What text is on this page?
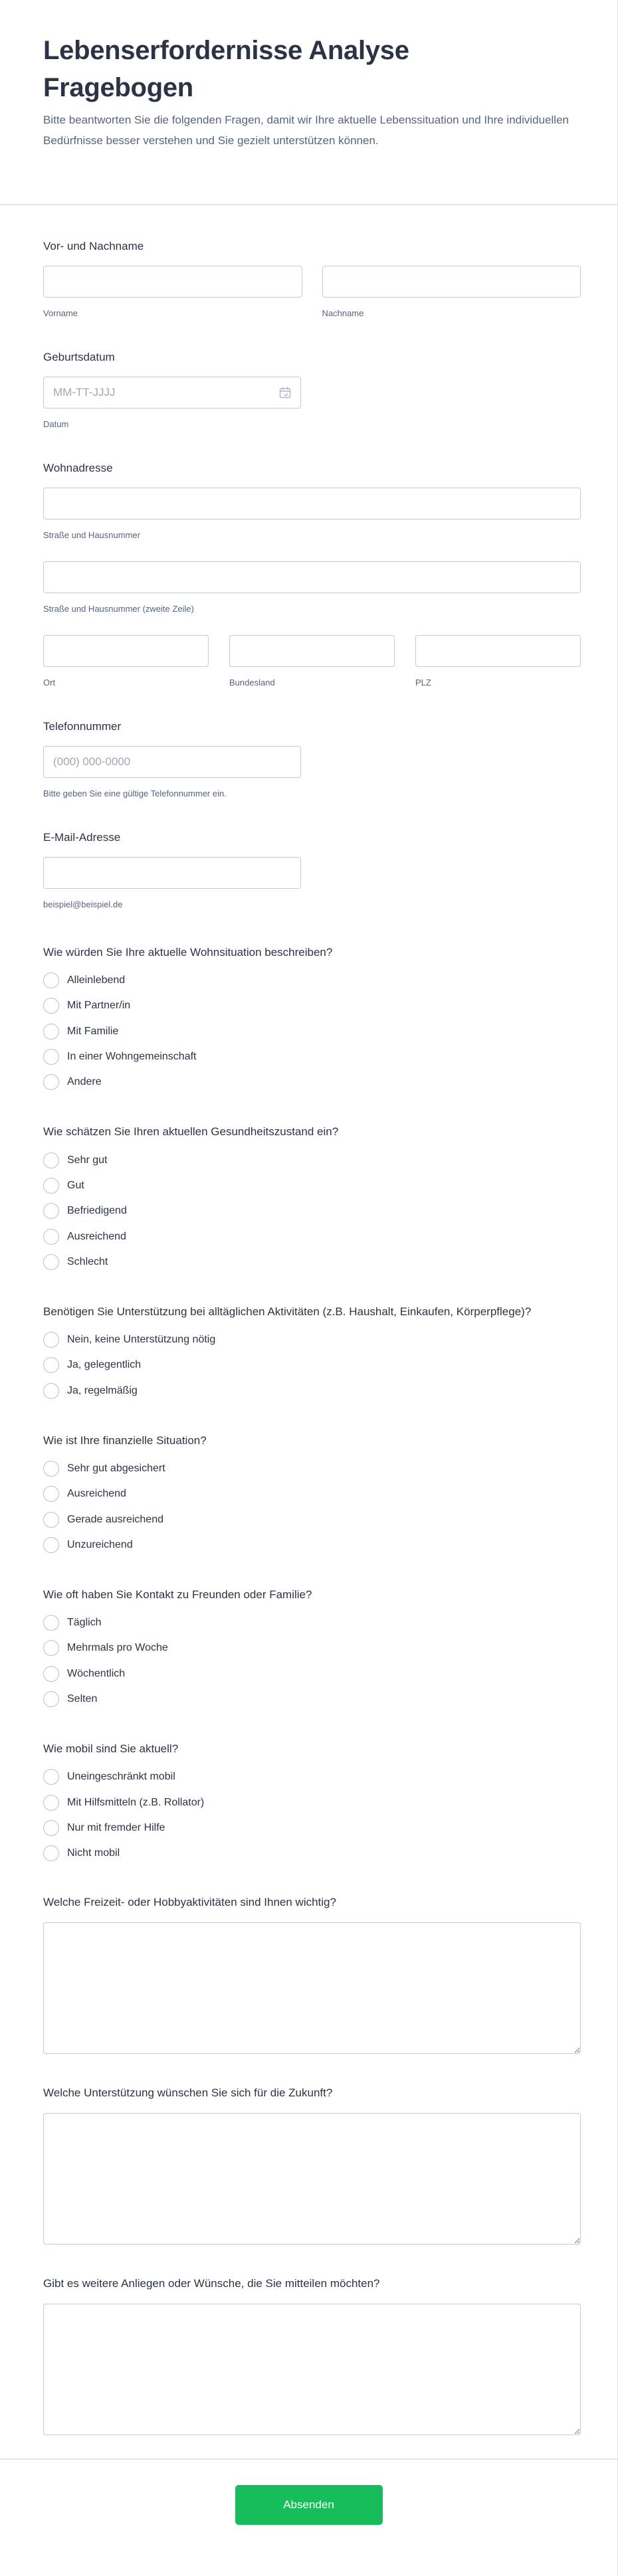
Lebenserfordernisse Analyse Fragebogen

Bitte beantworten Sie die folgenden Fragen, damit wir Ihre aktuelle Lebenssituation und Ihre individuellen Bedürfnisse besser verstehen und Sie gezielt unterstützen können.

Vor- und Nachname
Vorname	Nachname
Geburtsdatum
MM-TT-JJJJ
Datum
Wohnadresse
Straße und Hausnummer
Straße und Hausnummer (zweite Zeile)
Ort	Bundesland	PLZ
Telefonnummer
(000) 000-0000
Bitte geben Sie eine gültige Telefonnummer ein.
E-Mail-Adresse
beispiel@beispiel.de
Wie würden Sie Ihre aktuelle Wohnsituation beschreiben?
Alleinlebend
Mit Partner/in
Mit Familie
In einer Wohngemeinschaft
Andere
Wie schätzen Sie Ihren aktuellen Gesundheitszustand ein?
Sehr gut
Gut
Befriedigend
Ausreichend
Schlecht
Benötigen Sie Unterstützung bei alltäglichen Aktivitäten (z.B. Haushalt, Einkaufen, Körperpflege)?
Nein, keine Unterstützung nötig
Ja, gelegentlich
Ja, regelmäßig
Wie ist Ihre finanzielle Situation?
Sehr gut abgesichert
Ausreichend
Gerade ausreichend
Unzureichend
Wie oft haben Sie Kontakt zu Freunden oder Familie?
Täglich
Mehrmals pro Woche
Wöchentlich
Selten
Wie mobil sind Sie aktuell?
Uneingeschränkt mobil
Mit Hilfsmitteln (z.B. Rollator)
Nur mit fremder Hilfe
Nicht mobil
Welche Freizeit- oder Hobbyaktivitäten sind Ihnen wichtig?
Welche Unterstützung wünschen Sie sich für die Zukunft?
Gibt es weitere Anliegen oder Wünsche, die Sie mitteilen möchten?
Absenden
